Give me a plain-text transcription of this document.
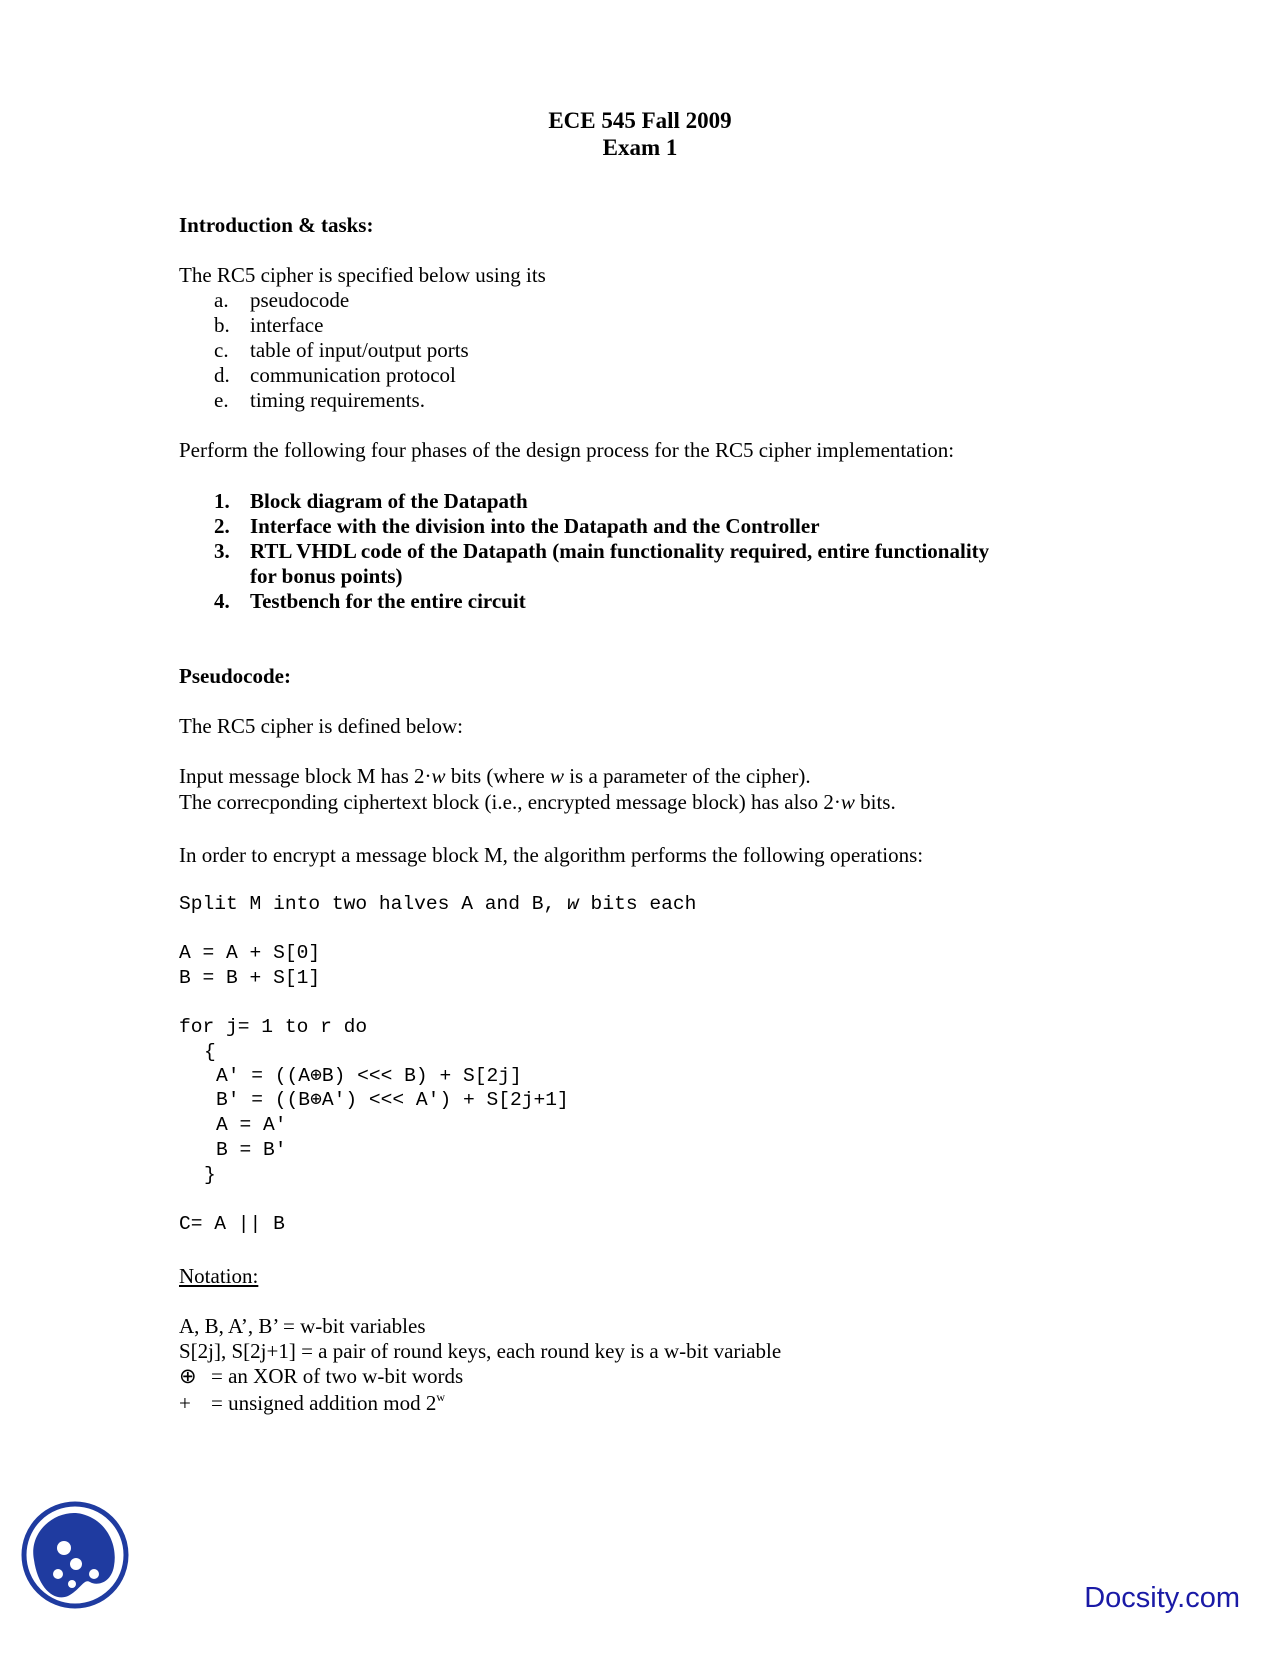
ECE 545 Fall 2009
Exam 1
Introduction & tasks:
The RC5 cipher is specified below using its
a. pseudocode
b. interface
c. table of input/output ports
d. communication protocol
e. timing requirements.
Perform the following four phases of the design process for the RC5 cipher implementation:
1. Block diagram of the Datapath
2. Interface with the division into the Datapath and the Controller
3. RTL VHDL code of the Datapath (main functionality required, entire functionality
for bonus points)
4. Testbench for the entire circuit
Pseudocode:
The RC5 cipher is defined below:
Input message block M has 2·w bits (where w is a parameter of the cipher).
The correcponding ciphertext block (i.e., encrypted message block) has also 2·w bits.
In order to encrypt a message block M, the algorithm performs the following operations:
Split M into two halves A and B, w bits each
A = A + S[0]
B = B + S[1]
for j= 1 to r do
{
A′ = ((A⊕B) <<< B) + S[2j]
B′ = ((B⊕A′) <<< A′) + S[2j+1]
A = A′
B = B′
}
C= A || B
Notation:
A, B, A’, B’ = w-bit variables
S[2j], S[2j+1] = a pair of round keys, each round key is a w-bit variable
⊕ = an XOR of two w-bit words
+ = unsigned addition mod 2$^w$
Docsity.com
